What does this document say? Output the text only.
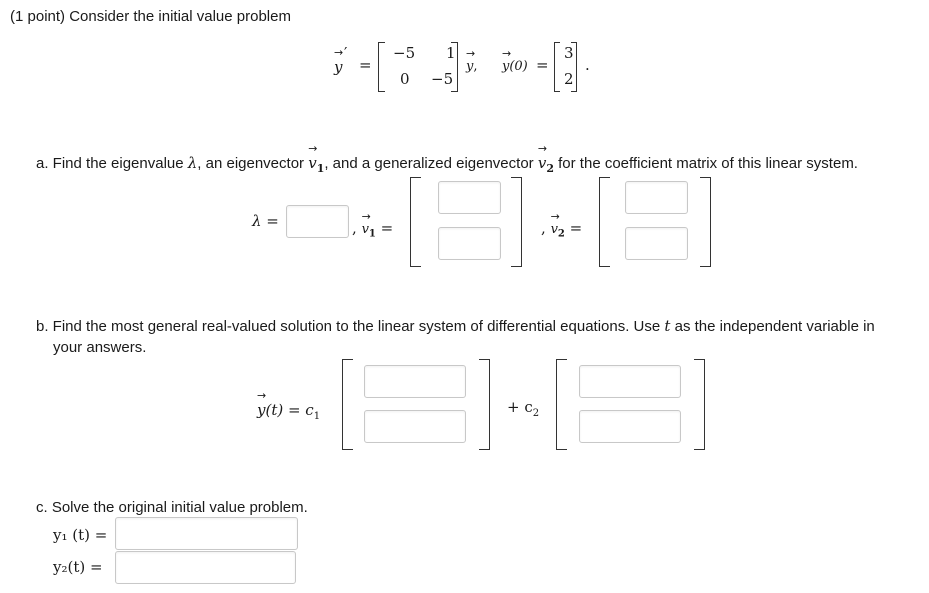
(1 point) Consider the initial value problem
→
y
′
=
−5 1
0 −5
→
y,
→
y(0) =
3
2
.
a. Find the eigenvalue λ, an eigenvector
→
$v_1$, and a generalized eigenvector
→
$v_2$ for the coefficient matrix of this linear system.
λ =	,
→
$v_1$ =	,
→
$v_2$ =
b. Find the most general real-valued solution to the linear system of differential equations. Use t as the independent variable in
your answers.
→
$y(t) = c_1$
+ $c_2$
c. Solve the original initial value problem.
y₁ (t) =
y₂(t) =
